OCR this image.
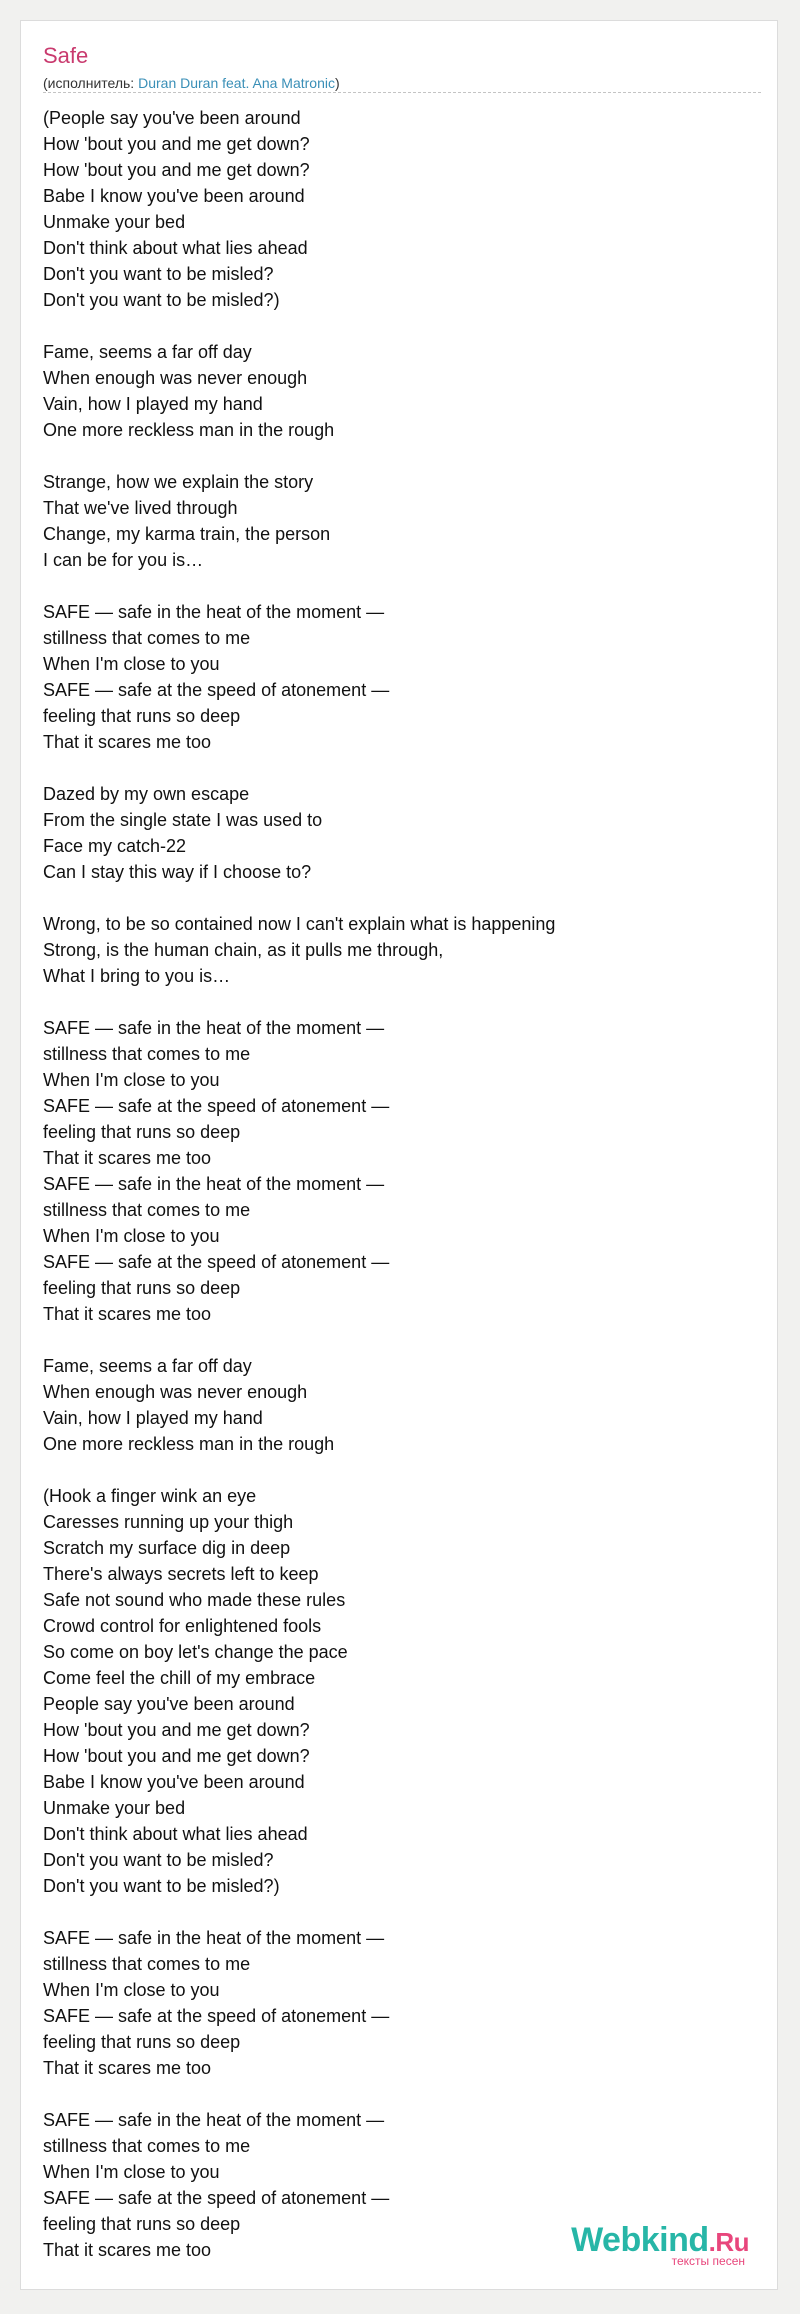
Safe
(исполнитель: Duran Duran feat. Ana Matronic)
(People say you've been around
How 'bout you and me get down?
How 'bout you and me get down?
Babe I know you've been around
Unmake your bed
Don't think about what lies ahead
Don't you want to be misled?
Don't you want to be misled?)
Fame, seems a far off day
When enough was never enough
Vain, how I played my hand
One more reckless man in the rough
Strange, how we explain the story
That we've lived through
Change, my karma train, the person
I can be for you is…
SAFE — safe in the heat of the moment —
stillness that comes to me
When I'm close to you
SAFE — safe at the speed of atonement —
feeling that runs so deep
That it scares me too
Dazed by my own escape
From the single state I was used to
Face my catch-22
Can I stay this way if I choose to?
Wrong, to be so contained now I can't explain what is happening
Strong, is the human chain, as it pulls me through,
What I bring to you is…
SAFE — safe in the heat of the moment —
stillness that comes to me
When I'm close to you
SAFE — safe at the speed of atonement —
feeling that runs so deep
That it scares me too
SAFE — safe in the heat of the moment —
stillness that comes to me
When I'm close to you
SAFE — safe at the speed of atonement —
feeling that runs so deep
That it scares me too
Fame, seems a far off day
When enough was never enough
Vain, how I played my hand
One more reckless man in the rough
(Hook a finger wink an eye
Caresses running up your thigh
Scratch my surface dig in deep
There's always secrets left to keep
Safe not sound who made these rules
Crowd control for enlightened fools
So come on boy let's change the pace
Come feel the chill of my embrace
People say you've been around
How 'bout you and me get down?
How 'bout you and me get down?
Babe I know you've been around
Unmake your bed
Don't think about what lies ahead
Don't you want to be misled?
Don't you want to be misled?)
SAFE — safe in the heat of the moment —
stillness that comes to me
When I'm close to you
SAFE — safe at the speed of atonement —
feeling that runs so deep
That it scares me too
SAFE — safe in the heat of the moment —
stillness that comes to me
When I'm close to you
SAFE — safe at the speed of atonement —
feeling that runs so deep
That it scares me too	Webkind.Ru
тексты песен
